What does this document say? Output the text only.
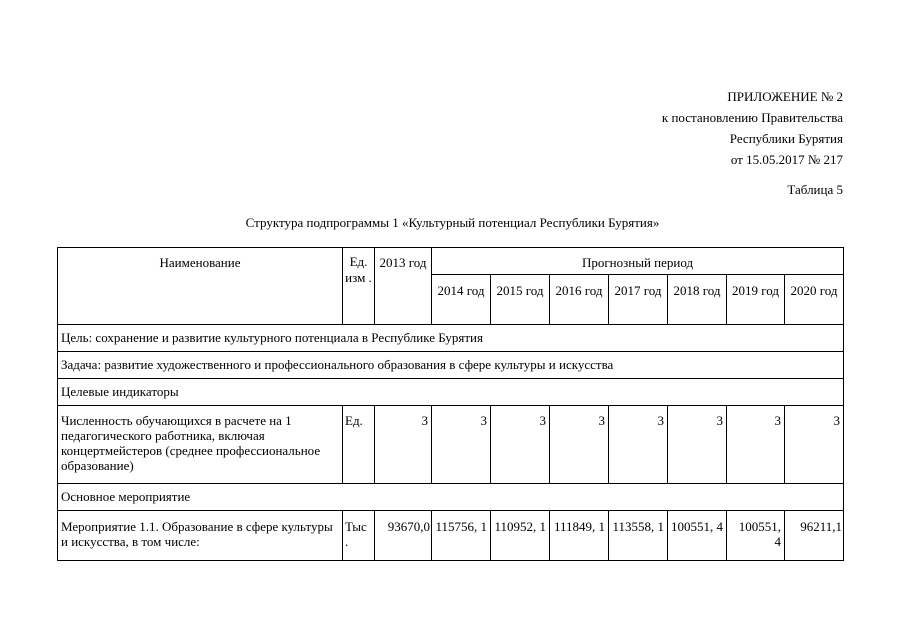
ПРИЛОЖЕНИЕ № 2
к постановлению Правительства
Республики Бурятия
от 15.05.2017 № 217
Таблица 5
Структура подпрограммы 1 «Культурный потенциал Республики Бурятия»
Наименование	Ед. изм .	2013 год	Прогнозный период						
			2014 год	2015 год	2016 год	2017 год	2018 год	2019 год	2020 год
Цель: сохранение и развитие культурного потенциала в Республике Бурятия									
Задача: развитие художественного и профессионального образования в сфере культуры и искусства									
Целевые индикаторы									
Численность обучающихся в расчете на 1 педагогического работника, включая концертмейстеров (среднее профессиональное образование)	Ед.	3	3	3	3	3	3	3	3
Основное мероприятие									
Мероприятие 1.1. Образование в сфере культуры и искусства, в том числе:	Тыс .	93670,0	115756, 1	110952, 1	111849, 1	113558, 1	100551, 4	100551, 4	96211,1
